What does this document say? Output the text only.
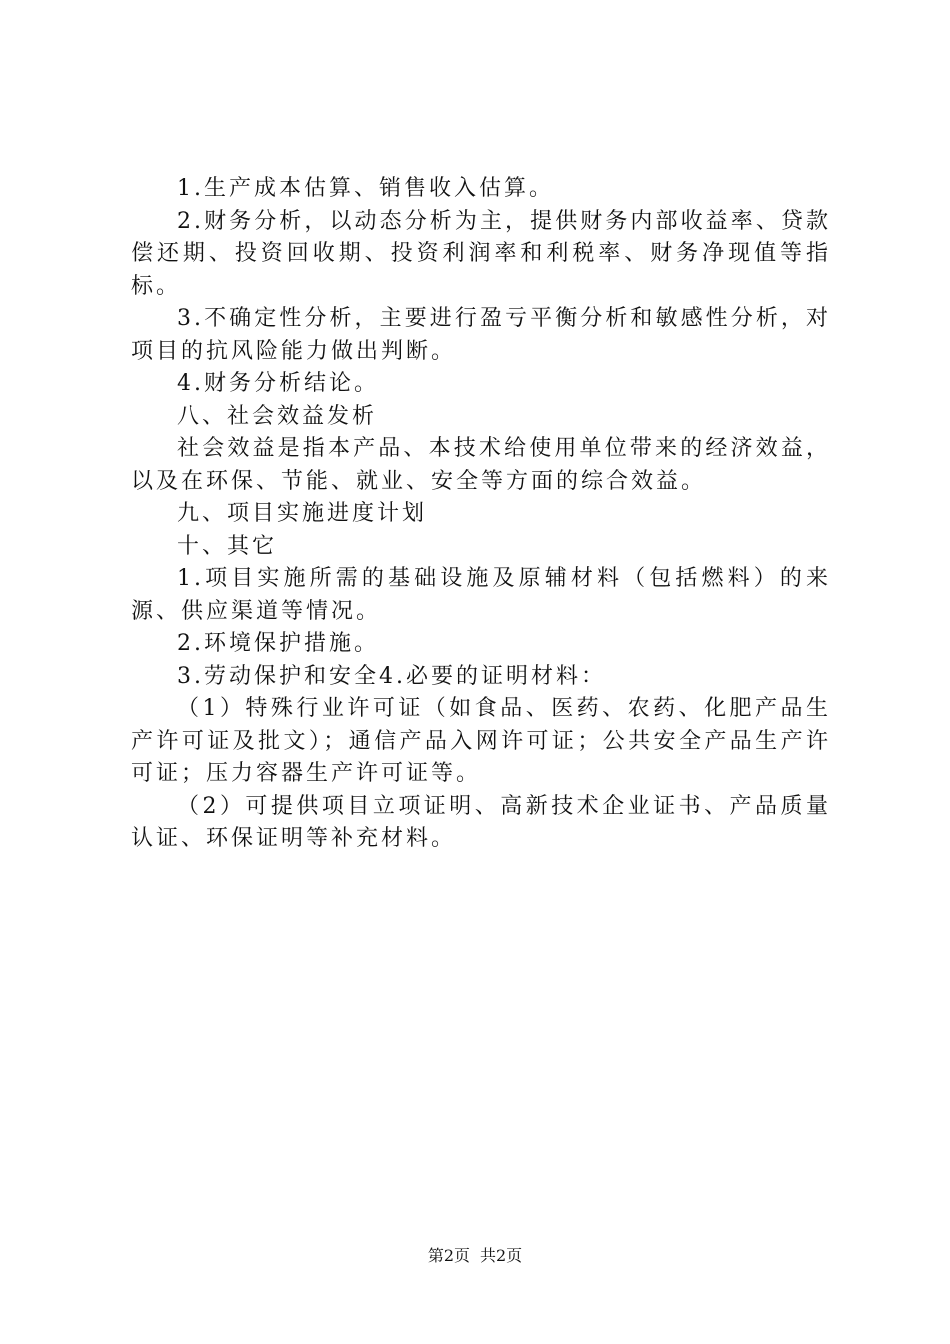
1.生产成本估算、销售收入估算。

2.财务分析，以动态分析为主，提供财务内部收益率、贷款偿还期、投资回收期、投资利润率和利税率、财务净现值等指标。

3.不确定性分析，主要进行盈亏平衡分析和敏感性分析，对项目的抗风险能力做出判断。

4.财务分析结论。

八、社会效益发析

社会效益是指本产品、本技术给使用单位带来的经济效益，以及在环保、节能、就业、安全等方面的综合效益。

九、项目实施进度计划

十、其它

1.项目实施所需的基础设施及原辅材料（包括燃料）的来源、供应渠道等情况。

2.环境保护措施。

3.劳动保护和安全4.必要的证明材料：

（1）特殊行业许可证（如食品、医药、农药、化肥产品生产许可证及批文）；通信产品入网许可证；公共安全产品生产许可证；压力容器生产许可证等。

（2）可提供项目立项证明、高新技术企业证书、产品质量认证、环保证明等补充材料。

第2页 共2页
